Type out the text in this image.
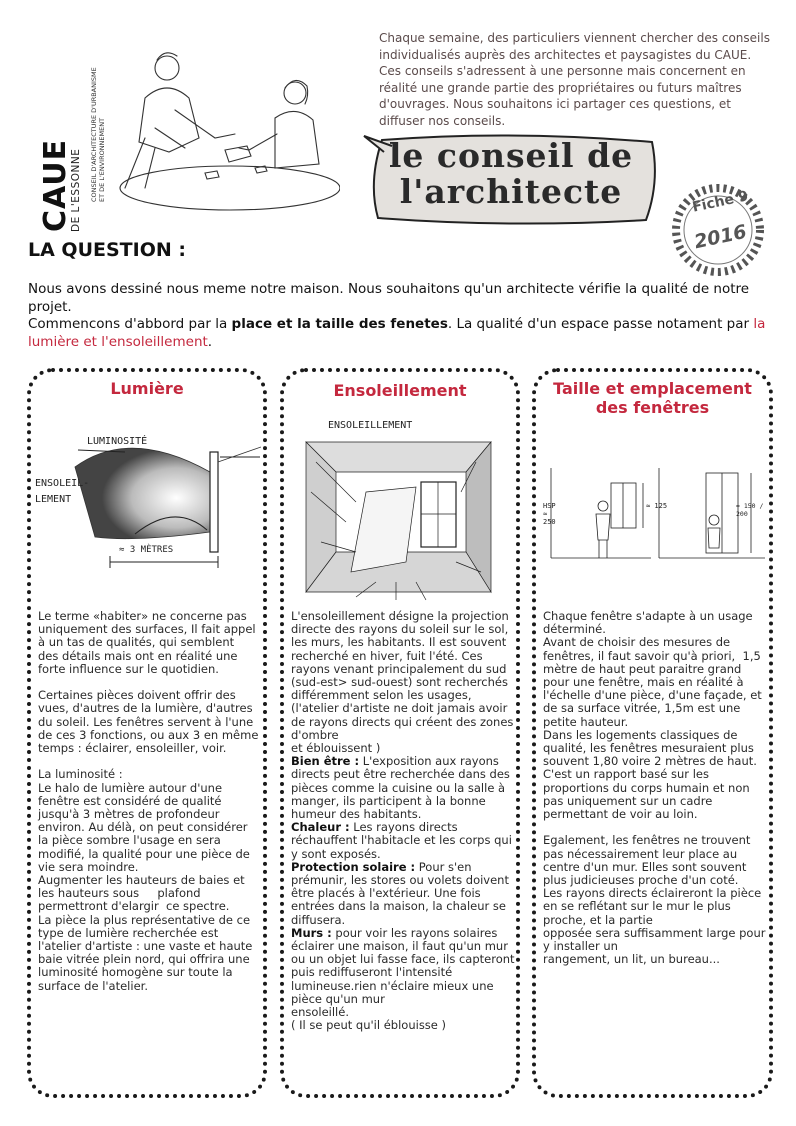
CAUE
DE L'ESSONNE CONSEIL D'ARCHITECTURE D'URBANISME ET DE L'ENVIRONNEMENT
Chaque semaine, des particuliers viennent chercher des conseils individualisés auprès des architectes et paysagistes du CAUE. Ces conseils s'adressent à une personne mais concernent en réalité une grande partie des propriétaires ou futurs maîtres d'ouvrages. Nous souhaitons ici partager ces questions, et diffuser nos conseils.
le conseil de
l'architecte	Fiche 9
2016
LA QUESTION :
Nous avons dessiné nous meme notre maison. Nous souhaitons qu'un architecte vérifie la qualité de notre projet.
Commencons d'abbord par la place et la taille des fenetes. La qualité d'un espace passe notament par la
lumière et l'ensoleillement.
Lumière
LUMINOSITÉ
ENSOLEIL-
LEMENT
≈ 3 MÈTRES
Le terme «habiter» ne concerne pas uniquement des surfaces, Il fait appel à un tas de qualités, qui semblent  des détails mais ont en réalité une forte influence sur le quotidien.

Certaines pièces doivent offrir des vues, d'autres de la lumière, d'autres du soleil. Les fenêtres servent à l'une de ces 3 fonctions, ou aux 3 en même
temps : éclairer, ensoleiller, voir.

La luminosité :
Le halo de lumière autour d'une fenêtre est considéré de qualité jusqu'à 3 mètres de profondeur environ. Au délà, on peut considérer la pièce sombre l'usage en sera modifié, la qualité pour une pièce de vie sera moindre.
Augmenter les hauteurs de baies et les hauteurs sous     plafond permettront d'elargir  ce spectre.
La pièce la plus représentative de ce type de lumière recherchée est l'atelier d'artiste : une vaste et haute baie vitrée plein nord, qui offrira une luminosité homogène sur toute la surface de l'atelier.
Ensoleillement
ENSOLEILLEMENT
L'ensoleillement désigne la projection directe des rayons du soleil sur le sol, les murs, les habitants. Il est souvent recherché en hiver, fuit l'été. Ces rayons venant principalement du sud
(sud-est> sud-ouest) sont recherchés différemment selon les usages, (l'atelier d'artiste ne doit jamais avoir de rayons directs qui créent des zones d'ombre
et éblouissent )
Bien être : L'exposition aux rayons directs peut être recherchée dans des pièces comme la cuisine ou la salle à manger, ils participent à la bonne humeur des habitants.
Chaleur : Les rayons directs réchauffent l'habitacle et les corps qui y sont exposés.
Protection solaire : Pour s'en prémunir, les stores ou volets doivent être placés à l'extérieur. Une fois entrées dans la maison, la chaleur se diffusera.
Murs : pour voir les rayons solaires éclairer une maison, il faut qu'un mur ou un objet lui fasse face, ils capteront puis rediffuseront l'intensité lumineuse.rien n'éclaire mieux une pièce qu'un mur
ensoleillé.
( Il se peut qu'il éblouisse )
Taille et emplacement des fenêtres
HSP ≈ 250
≈ 125	≈ 150 / 200
Chaque fenêtre s'adapte à un usage déterminé.
Avant de choisir des mesures de fenêtres, il faut savoir qu'à priori,  1,5 mètre de haut peut paraitre grand pour une fenêtre, mais en réalité à l'échelle d'une pièce, d'une façade, et de sa surface vitrée, 1,5m est une petite hauteur.
Dans les logements classiques de qualité, les fenêtres mesuraient plus souvent 1,80 voire 2 mètres de haut. C'est un rapport basé sur les proportions du corps humain et non pas uniquement sur un cadre permettant de voir au loin.

Egalement, les fenêtres ne trouvent pas nécessairement leur place au centre d'un mur. Elles sont souvent plus judicieuses proche d'un coté.
Les rayons directs éclaireront la pièce en se reflétant sur le mur le plus proche, et la partie
opposée sera suffisamment large pour y installer un
rangement, un lit, un bureau...
